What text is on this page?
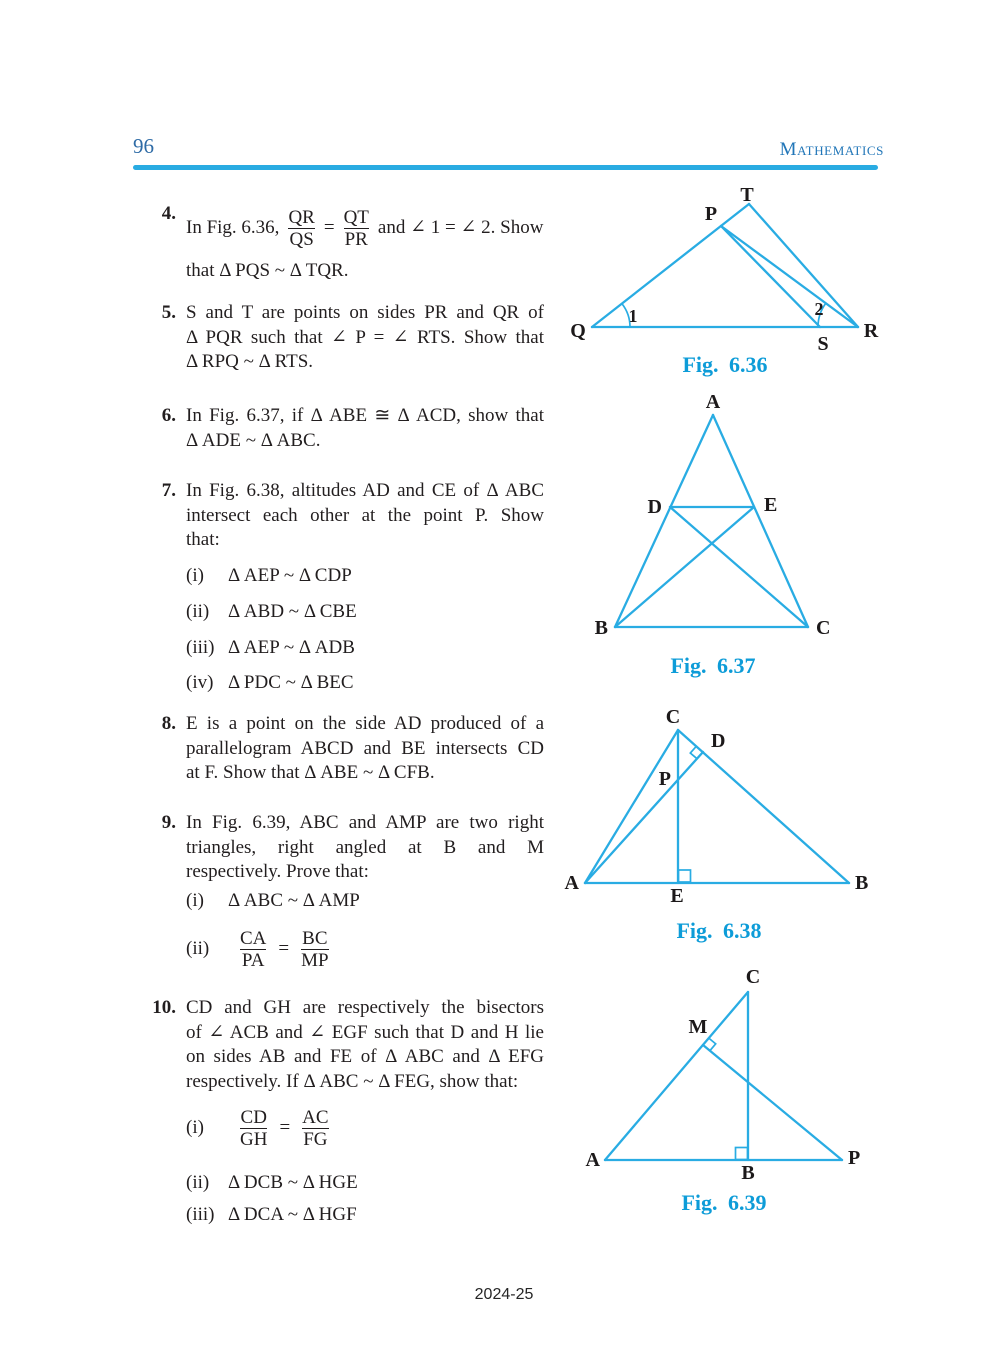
96	Mathematics
4.
In Fig. 6.36, $\frac{QR}{QS} = \frac{QT}{PR}$ and ∠ 1 = ∠ 2. Show
that Δ PQS ~ Δ TQR.
5. S and T are points on sides PR and QR of
Δ PQR such that ∠ P = ∠ RTS. Show that
Δ RPQ ~ Δ RTS.
6. In Fig. 6.37, if Δ ABE ≅ Δ ACD, show that
Δ ADE ~ Δ ABC.
7. In Fig. 6.38, altitudes AD and CE of Δ ABC
intersect each other at the point P. Show
that:
(i) Δ AEP ~ Δ CDP
(ii) Δ ABD ~ Δ CBE
(iii) Δ AEP ~ Δ ADB
(iv) Δ PDC ~ Δ BEC
8. E is a point on the side AD produced of a
parallelogram ABCD and BE intersects CD
at F. Show that Δ ABE ~ Δ CFB.
9. In Fig. 6.39, ABC and AMP are two right
triangles, right angled at B and M
respectively. Prove that:
(i) Δ ABC ~ Δ AMP
(ii)	$\frac{CA}{PA} = \frac{BC}{MP}$
10. CD and GH are respectively the bisectors
of ∠ ACB and ∠ EGF such that D and H lie
on sides AB and FE of Δ ABC and Δ EFG
respectively. If Δ ABC ~ Δ FEG, show that:
(i)	$\frac{CD}{GH} = \frac{AC}{FG}$
(ii) Δ DCB ~ Δ HGE
(iii) Δ DCA ~ Δ HGF
T
P
Q	R
S
1	2
Fig. 6.36
A
D	E
B	C
Fig. 6.37
C
D
P
A
E
B
Fig. 6.38
C
M
A
B
P
Fig. 6.39
2024-25
